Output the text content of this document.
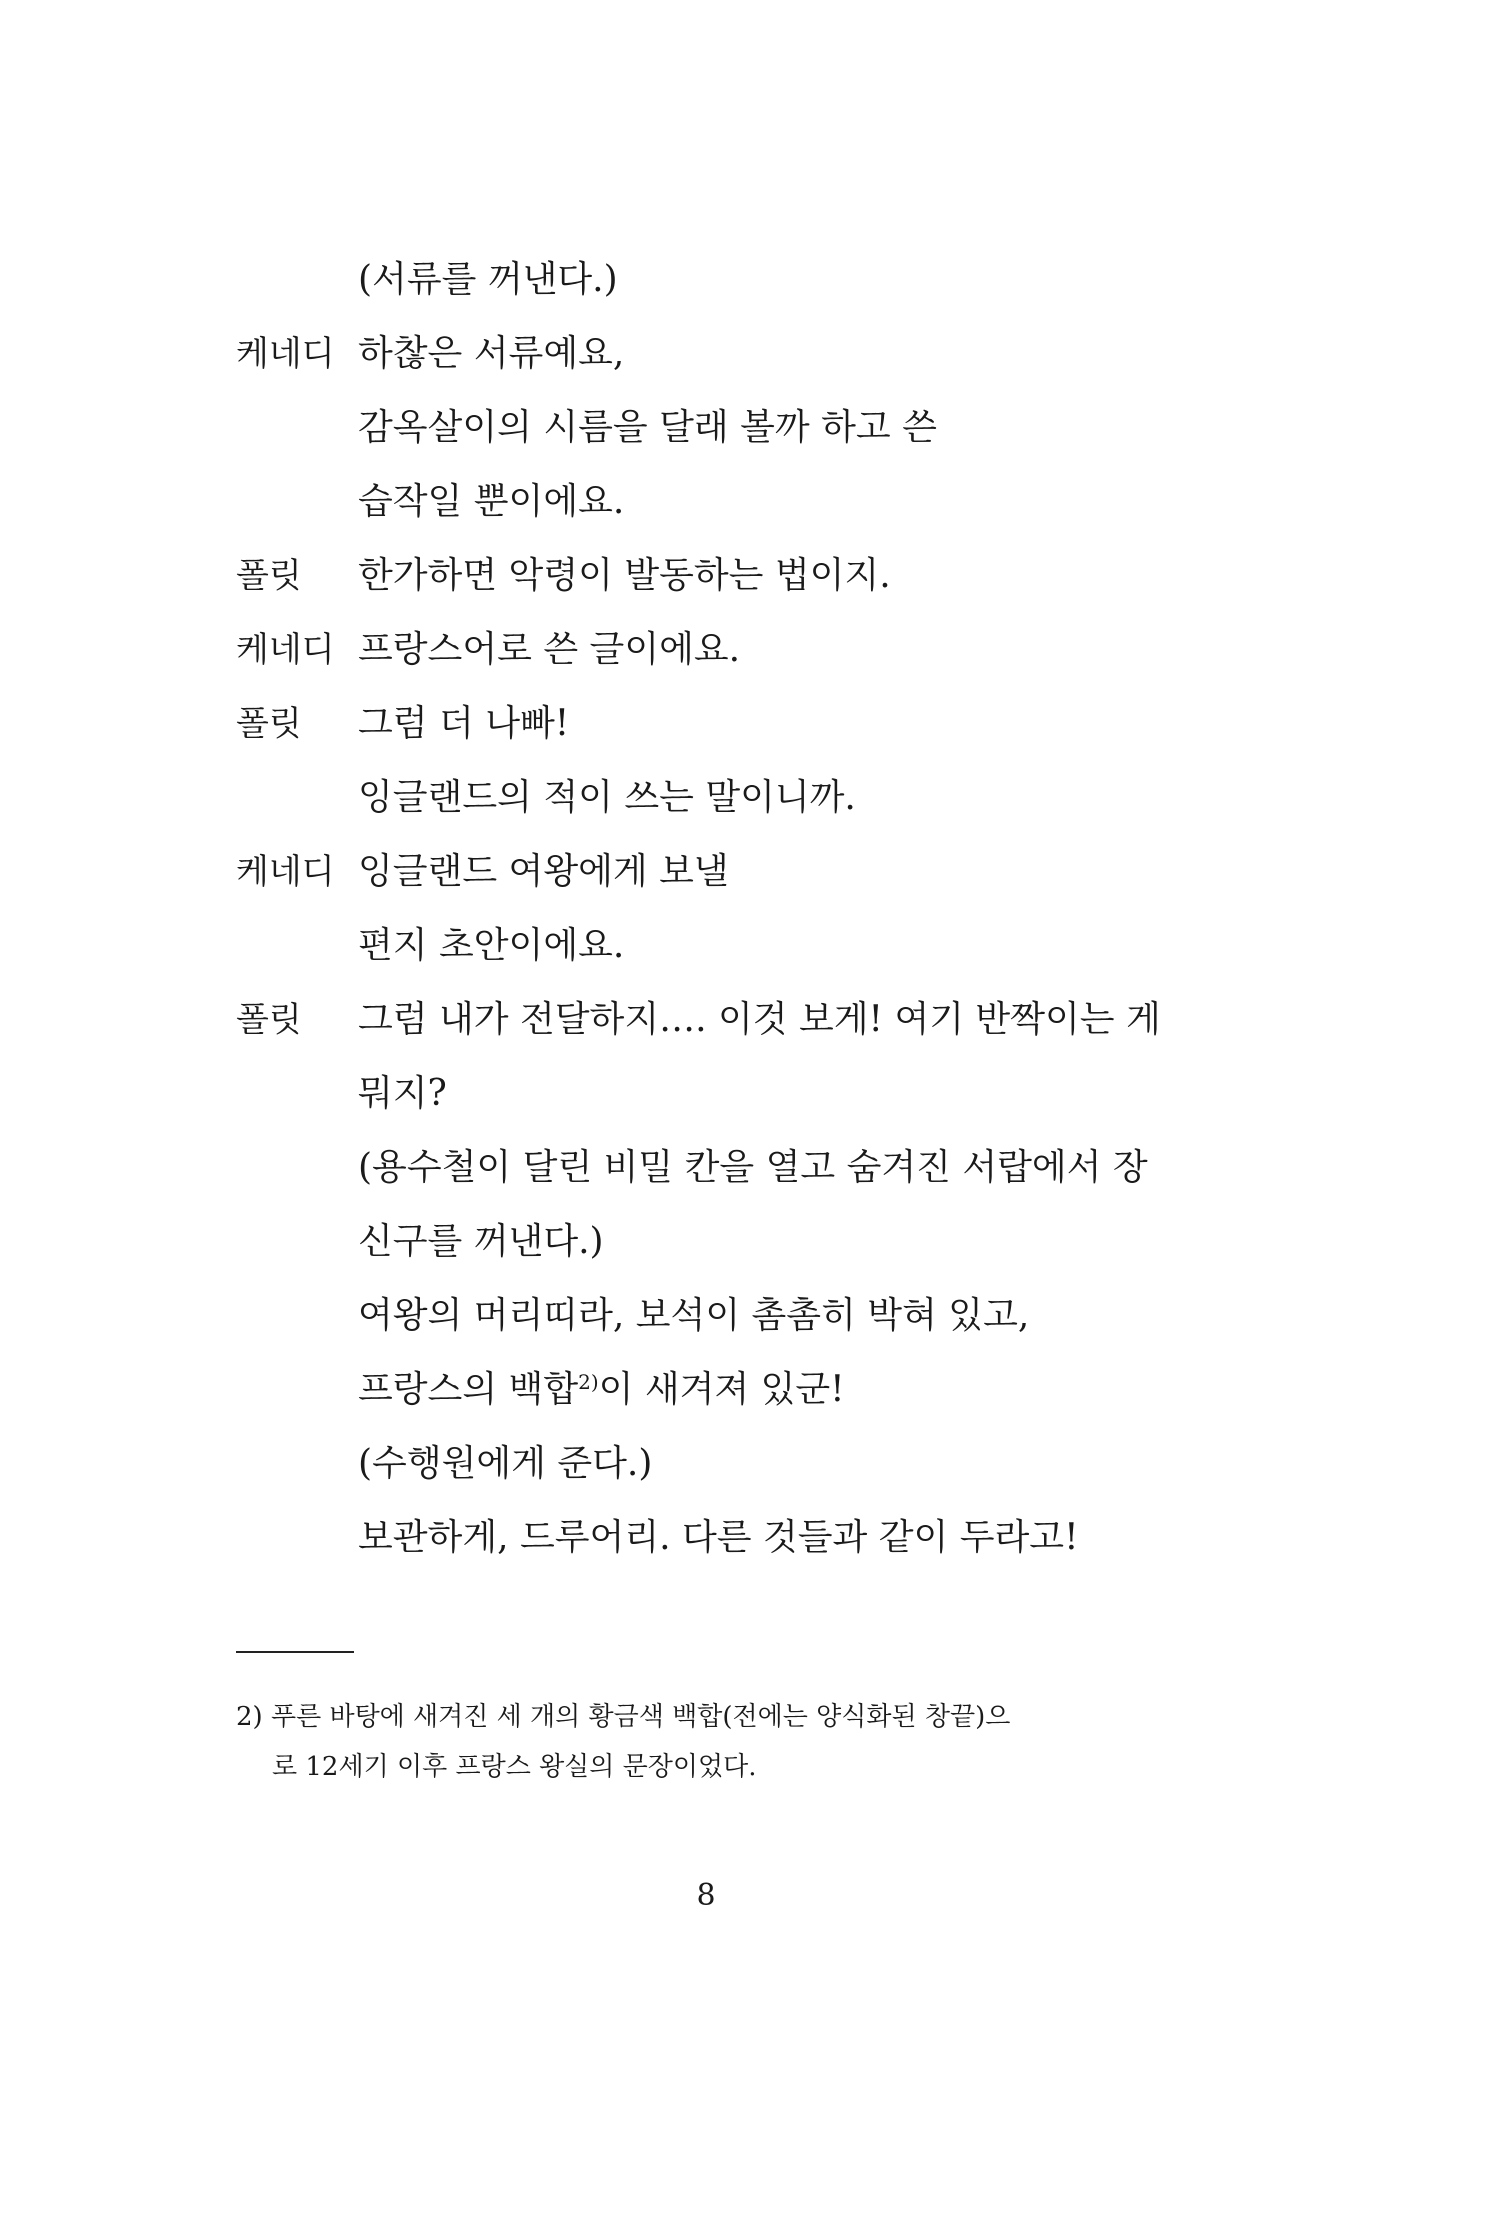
(서류를 꺼낸다.)
케네디 하찮은 서류예요,
감옥살이의 시름을 달래 볼까 하고 쓴
습작일 뿐이에요.
폴릿 한가하면 악령이 발동하는 법이지.
케네디 프랑스어로 쓴 글이에요.
폴릿 그럼 더 나빠!
잉글랜드의 적이 쓰는 말이니까.
케네디 잉글랜드 여왕에게 보낼
편지 초안이에요.
폴릿 그럼 내가 전달하지…. 이것 보게! 여기 반짝이는 게
뭐지?
(용수철이 달린 비밀 칸을 열고 숨겨진 서랍에서 장
신구를 꺼낸다.)
여왕의 머리띠라, 보석이 촘촘히 박혀 있고,
프랑스의 백합$^{2)}$이 새겨져 있군!
(수행원에게 준다.)
보관하게, 드루어리. 다른 것들과 같이 두라고!
2) 푸른 바탕에 새겨진 세 개의 황금색 백합(전에는 양식화된 창끝)으
로 12세기 이후 프랑스 왕실의 문장이었다.
8
